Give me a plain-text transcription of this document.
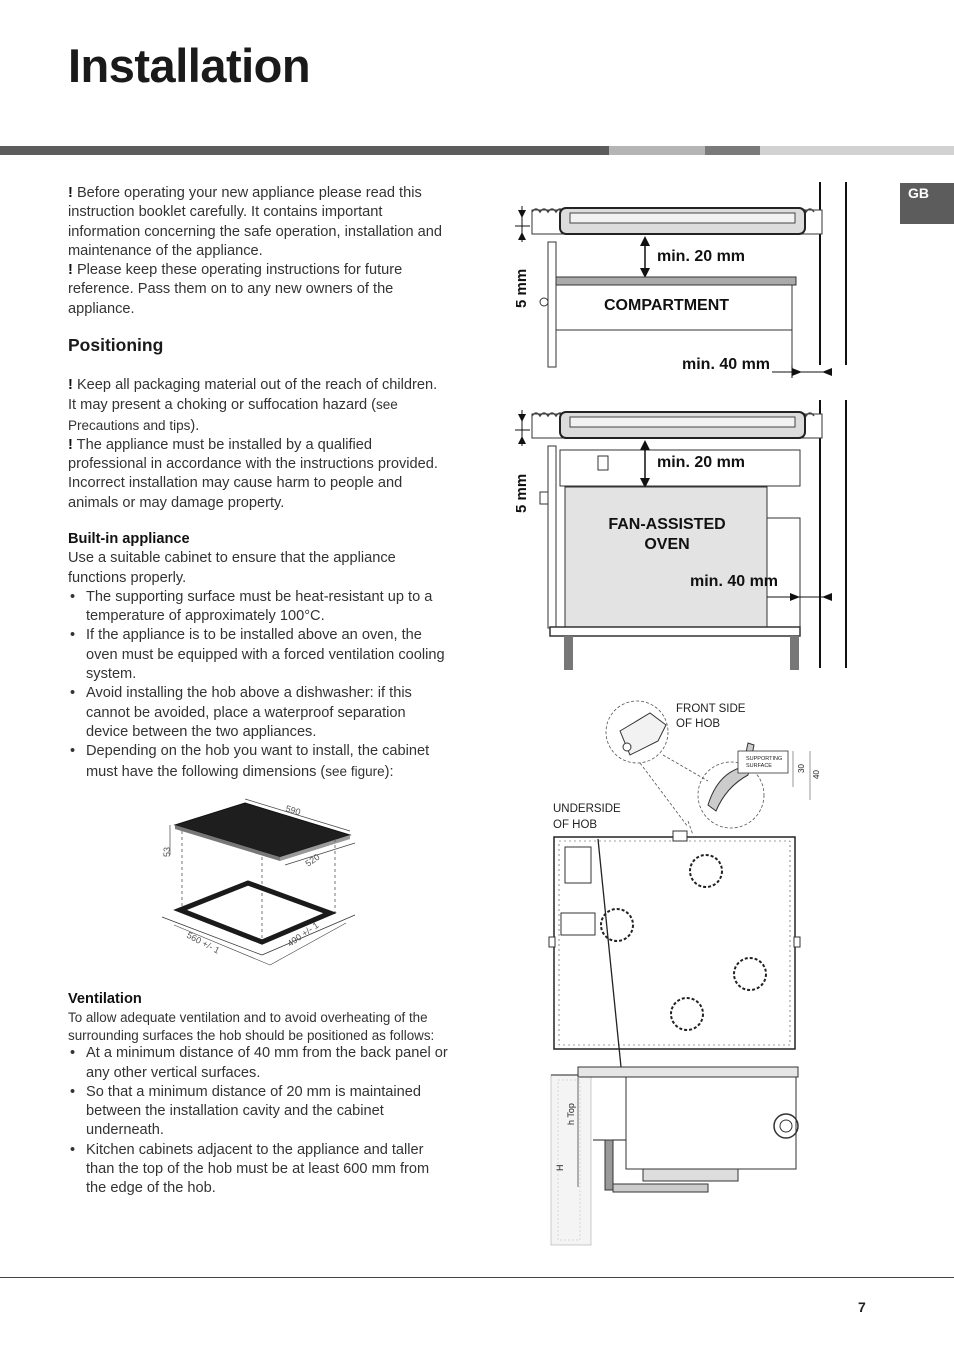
Installation
GB

! Before operating your new appliance please read this instruction booklet carefully. It contains important information concerning the safe operation, installation and maintenance of the appliance.

! Please keep these operating instructions for future reference. Pass them on to any new owners of the appliance.

Positioning

! Keep all packaging material out of the reach of children. It may present a choking or suffocation hazard (see Precautions and tips).

! The appliance must be installed by a qualified professional in accordance with the instructions provided. Incorrect installation may cause harm to people and animals or may damage property.

Built-in appliance

Use a suitable cabinet to ensure that the appliance functions properly.

• The supporting surface must be heat-resistant up to a temperature of approximately 100°C.
• If the appliance is to be installed above an oven, the oven must be equipped with a forced ventilation cooling system.
• Avoid installing the hob above a dishwasher: if this cannot be avoided, place a waterproof separation device between the two appliances.
• Depending on the hob you want to install, the cabinet must have the following dimensions (see figure):
590
53	520
560 +/- 1	490 +/- 1
Ventilation

To allow adequate ventilation and to avoid overheating of the surrounding surfaces the hob should be positioned as follows:

• At a minimum distance of 40 mm from the back panel or any other vertical surfaces.
• So that a minimum distance of 20 mm is maintained between the installation cavity and the cabinet underneath.
• Kitchen cabinets adjacent to the appliance and taller than the top of the hob must be at least 600 mm from the edge of the hob.
5 mm
min. 20 mm
COMPARTMENT
min. 40 mm
5 mm
min. 20 mm
FAN-ASSISTED
OVEN
min. 40 mm
FRONT SIDE
OF HOB
SUPPORTING
SURFACE	30
40
UNDERSIDE
OF HOB
h Top
H
7
